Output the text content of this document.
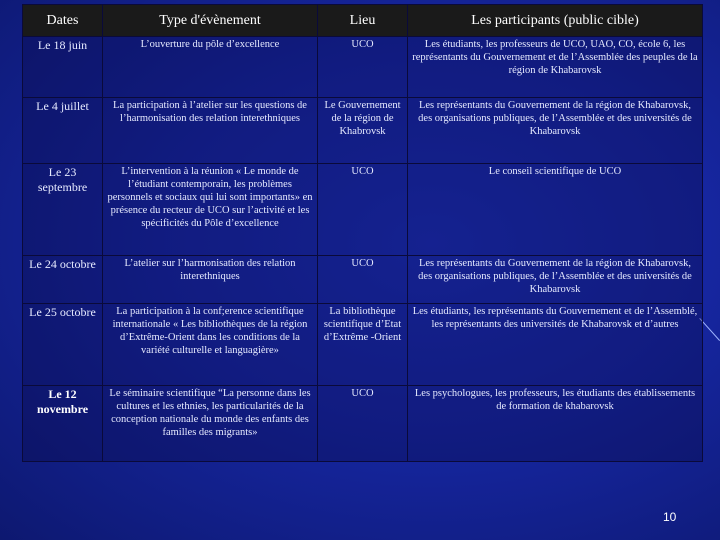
Dates	Type d'évènement	Lieu	Les participants (public cible)
Le 18 juin	L’ouverture du pôle d’excellence	UCO	Les étudiants, les professeurs de UCO, UAO, CO, école 6, les représentants du Gouvernement et de l’Assemblée des peuples de la région de Khabarovsk
Le 4 juillet	La participation à l’atelier sur les questions de l’harmonisation des relation interethniques	Le Gouvernement de la région de Khabrovsk	Les représentants du Gouvernement de la région de Khabarovsk, des organisations publiques, de l’Assemblée et des universités de Khabarovsk
Le 23 septembre	L’intervention à la réunion « Le monde de l’étudiant contemporain, les problèmes personnels et sociaux qui lui sont importants» en présence du recteur de UCO sur l’activité et les spécificités du Pôle d’excellence	UCO	Le conseil scientifique de UCO
Le 24 octobre	L’atelier sur l’harmonisation des relation interethniques	UCO	Les représentants du Gouvernement de la région de Khabarovsk, des organisations publiques, de l’Assemblée et des universités de Khabarovsk
Le 25 octobre	La participation à la conf;erence scientifique internationale « Les bibliothèques de la région d’Extrême-Orient dans les conditions de la variété culturelle et languagière»	La bibliothèque scientifique d’Etat d’Extrême -Orient	Les étudiants, les représentants du Gouvernement et de l’Assemblé, les représentants des universités de Khabarovsk et d’autres
Le 12 novembre	Le séminaire scientifique “La personne dans les cultures et les ethnies, les particularités de la conception nationale du monde des enfants des familles des migrants»	UCO	Les psychologues, les professeurs, les étudiants des établissements de formation de khabarovsk
10
